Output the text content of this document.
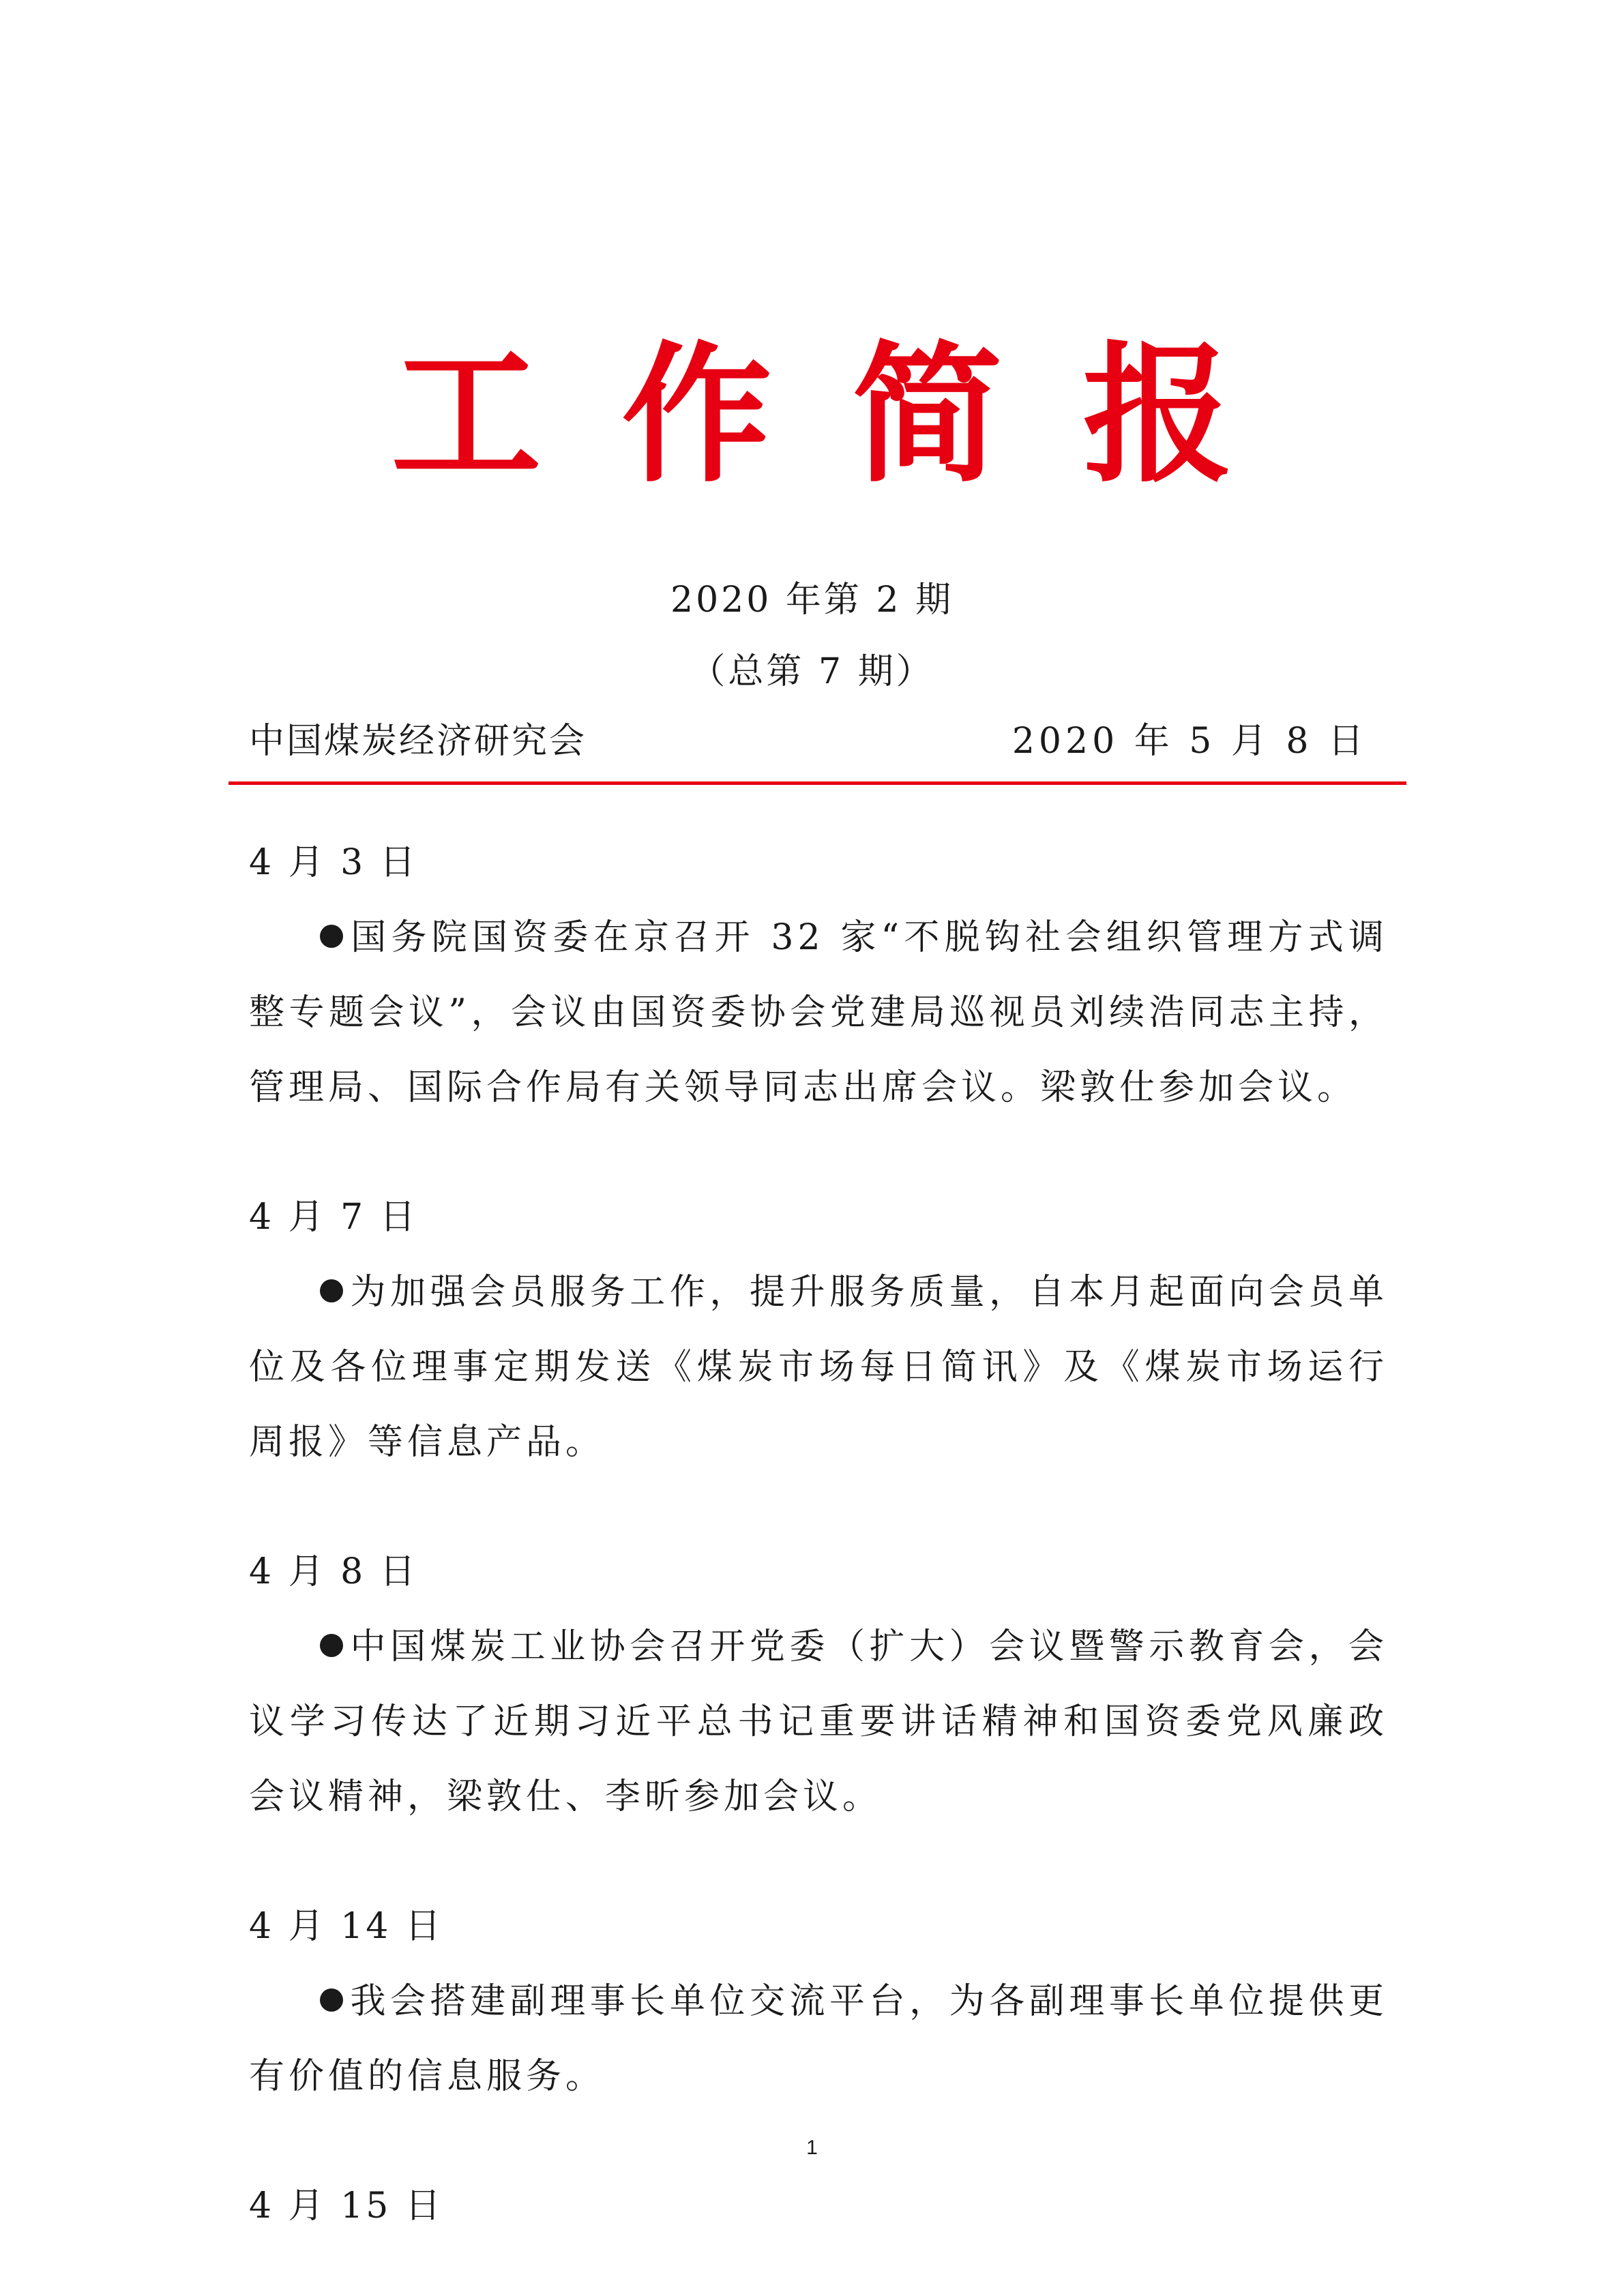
工作简报
2020 年第 2 期
（总第 7 期）
中国煤炭经济研究会	2020 年 5 月 8 日
4 月 3 日

国务院国资委在京召开 32 家“不脱钩社会组织管理方式调整专题会议”，会议由国资委协会党建局巡视员刘续浩同志主持，管理局、国际合作局有关领导同志出席会议。梁敦仕参加会议。

4 月 7 日

为加强会员服务工作，提升服务质量，自本月起面向会员单位及各位理事定期发送《煤炭市场每日简讯》及《煤炭市场运行周报》等信息产品。

4 月 8 日

中国煤炭工业协会召开党委（扩大）会议暨警示教育会，会议学习传达了近期习近平总书记重要讲话精神和国资委党风廉政会议精神，梁敦仕、李昕参加会议。

4 月 14 日

我会搭建副理事长单位交流平台，为各副理事长单位提供更有价值的信息服务。

4 月 15 日
1
